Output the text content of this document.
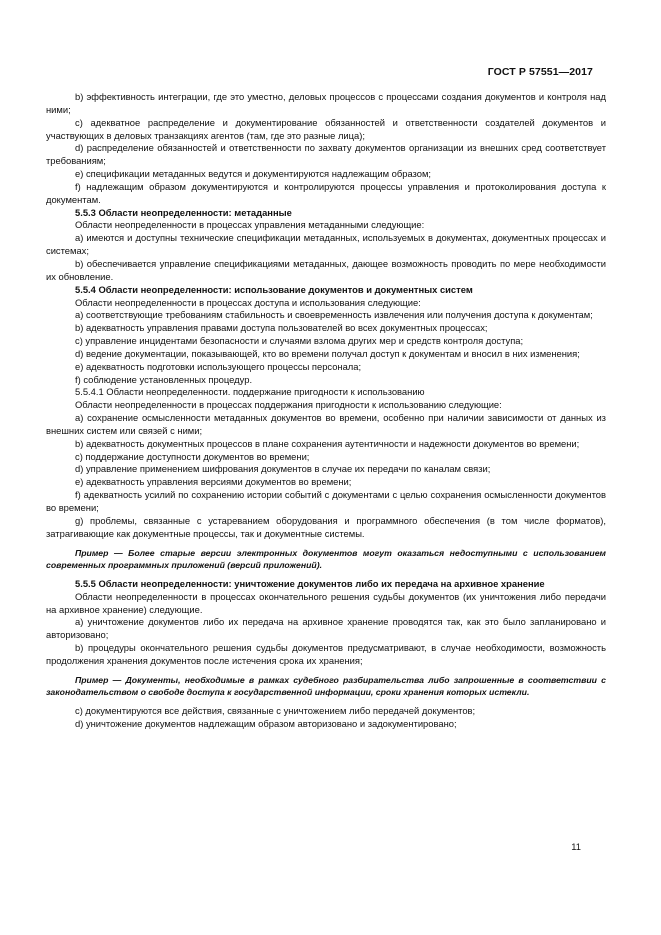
ГОСТ Р 57551—2017

b) эффективность интеграции, где это уместно, деловых процессов с процессами создания документов и контроля над ними;

c) адекватное распределение и документирование обязанностей и ответственности создателей документов и участвующих в деловых транзакциях агентов (там, где это разные лица);

d) распределение обязанностей и ответственности по захвату документов организации из внешних сред соответствует требованиям;

e) спецификации метаданных ведутся и документируются надлежащим образом;

f) надлежащим образом документируются и контролируются процессы управления и протоколирования доступа к документам.

5.5.3 Области неопределенности: метаданные

Области неопределенности в процессах управления метаданными следующие:

а) имеются и доступны технические спецификации метаданных, используемых в документах, документных процессах и системах;

b) обеспечивается управление спецификациями метаданных, дающее возможность проводить по мере необходимости их обновление.

5.5.4 Области неопределенности: использование документов и документных систем

Области неопределенности в процессах доступа и использования следующие:

а) соответствующие требованиям стабильность и своевременность извлечения или получения доступа к документам;

b) адекватность управления правами доступа пользователей во всех документных процессах;

c) управление инцидентами безопасности и случаями взлома других мер и средств контроля доступа;

d) ведение документации, показывающей, кто во времени получал доступ к документам и вносил в них изменения;

e) адекватность подготовки использующего процессы персонала;

f) соблюдение установленных процедур.

5.5.4.1 Области неопределенности. поддержание пригодности к использованию

Области неопределенности в процессах поддержания пригодности к использованию следующие:

а) сохранение осмысленности метаданных документов во времени, особенно при наличии зависимости от данных из внешних систем или связей с ними;

b) адекватность документных процессов в плане сохранения аутентичности и надежности документов во времени;

c) поддержание доступности документов во времени;

d) управление применением шифрования документов в случае их передачи по каналам связи;

e) адекватность управления версиями документов во времени;

f) адекватность усилий по сохранению истории событий с документами с целью сохранения осмысленности документов во времени;

g) проблемы, связанные с устареванием оборудования и программного обеспечения (в том числе форматов), затрагивающие как документные процессы, так и документные системы.

Пример — Более старые версии электронных документов могут оказаться недоступными с использованием современных программных приложений (версий приложений).

5.5.5 Области неопределенности: уничтожение документов либо их передача на архивное хранение

Области неопределенности в процессах окончательного решения судьбы документов (их уничтожения либо передачи на архивное хранение) следующие.

а) уничтожение документов либо их передача на архивное хранение проводятся так, как это было запланировано и авторизовано;

b) процедуры окончательного решения судьбы документов предусматривают, в случае необходимости, возможность продолжения хранения документов после истечения срока их хранения;

Пример — Документы, необходимые в рамках судебного разбирательства либо запрошенные в соответствии с законодательством о свободе доступа к государственной информации, сроки хранения которых истекли.

c) документируются все действия, связанные с уничтожением либо передачей документов;

d) уничтожение документов надлежащим образом авторизовано и задокументировано;

11
